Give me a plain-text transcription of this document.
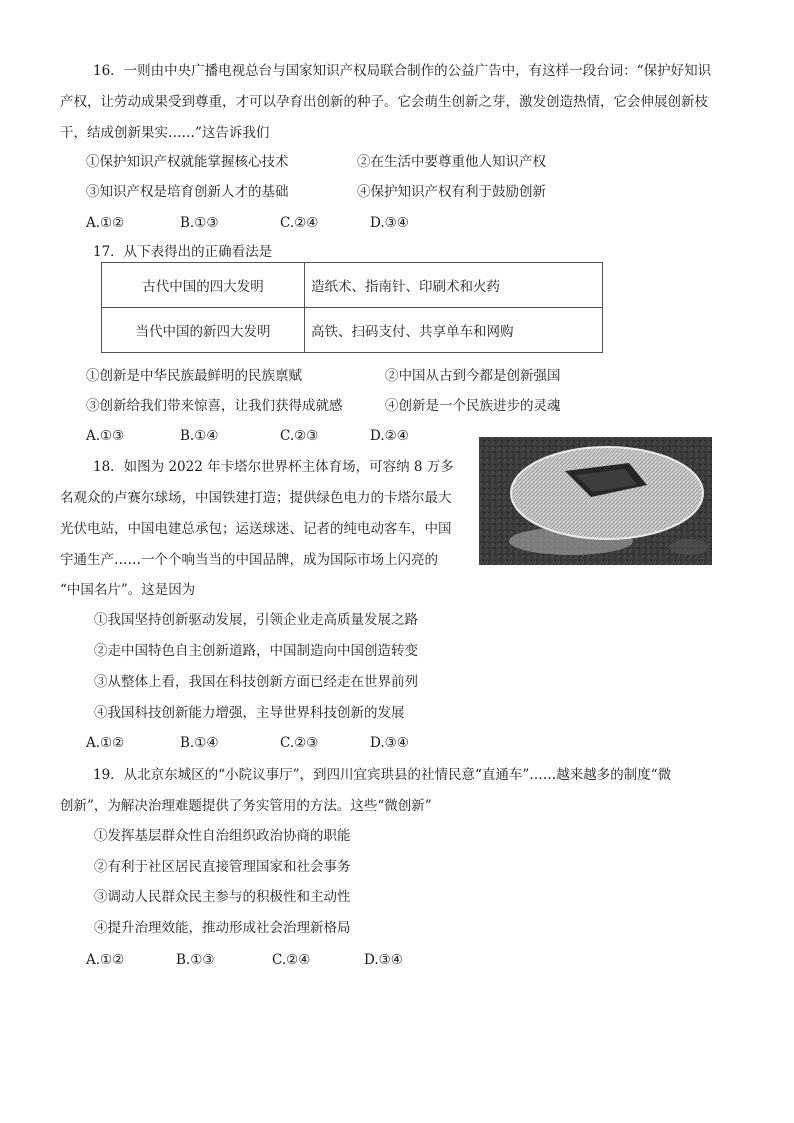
16．一则由中央广播电视总台与国家知识产权局联合制作的公益广告中，有这样一段台词：“保护好知识
产权，让劳动成果受到尊重，才可以孕育出创新的种子。它会萌生创新之芽，激发创造热情，它会伸展创新枝
干，结成创新果实……”这告诉我们
①保护知识产权就能掌握核心技术	②在生活中要尊重他人知识产权
③知识产权是培育创新人才的基础	④保护知识产权有利于鼓励创新
A.①②	B.①③	C.②④	D.③④
17．从下表得出的正确看法是
古代中国的四大发明	造纸术、指南针、印刷术和火药
当代中国的新四大发明	高铁、扫码支付、共享单车和网购
①创新是中华民族最鲜明的民族禀赋	②中国从古到今都是创新强国
③创新给我们带来惊喜，让我们获得成就感	④创新是一个民族进步的灵魂
A.①③	B.①④	C.②③	D.②④
18．如图为 2022 年卡塔尔世界杯主体育场，可容纳 8 万多
名观众的卢赛尔球场，中国铁建打造；提供绿色电力的卡塔尔最大
光伏电站，中国电建总承包；运送球迷、记者的纯电动客车，中国
宇通生产……一个个响当当的中国品牌，成为国际市场上闪亮的
“中国名片”。这是因为
①我国坚持创新驱动发展，引领企业走高质量发展之路
②走中国特色自主创新道路，中国制造向中国创造转变
③从整体上看，我国在科技创新方面已经走在世界前列
④我国科技创新能力增强，主导世界科技创新的发展
A.①②	B.①④	C.②③	D.③④
19．从北京东城区的“小院议事厅”，到四川宜宾珙县的社情民意“直通车”……越来越多的制度“微
创新”，为解决治理难题提供了务实管用的方法。这些“微创新”
①发挥基层群众性自治组织政治协商的职能
②有利于社区居民直接管理国家和社会事务
③调动人民群众民主参与的积极性和主动性
④提升治理效能，推动形成社会治理新格局
A.①②	B.①③	C.②④	D.③④
